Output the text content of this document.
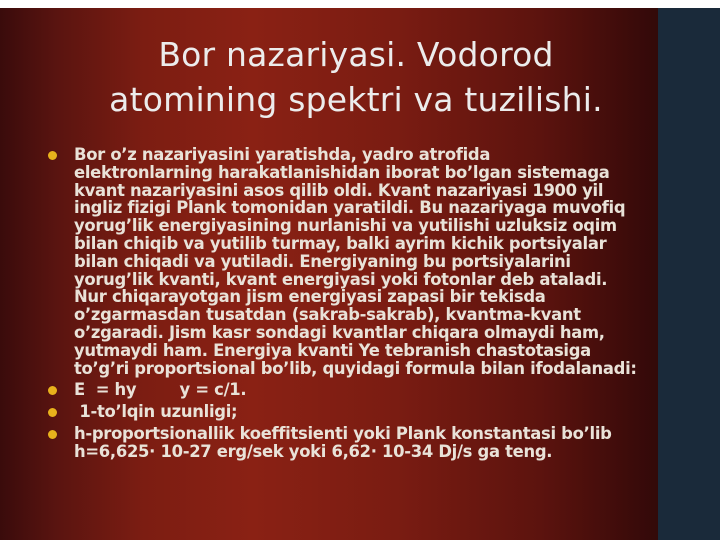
Bor nazariyasi. Vodorod
atomining spektri va tuzilishi.
Bor o’z nazariyasini yaratishda, yadro atrofida
elektronlarning harakatlanishidan iborat bo’lgan sistemaga
kvant nazariyasini asos qilib oldi. Kvant nazariyasi 1900 yil
ingliz fizigi Plank tomonidan yaratildi. Bu nazariyaga muvofiq
yorug’lik energiyasining nurlanishi va yutilishi uzluksiz oqim
bilan chiqib va yutilib turmay, balki ayrim kichik portsiyalar
bilan chiqadi va yutiladi. Energiyaning bu portsiyalarini
yorug’lik kvanti, kvant energiyasi yoki fotonlar deb ataladi.
Nur chiqarayotgan jism energiyasi zapasi bir tekisda
o’zgarmasdan tusatdan (sakrab-sakrab), kvantma-kvant
o’zgaradi. Jism kasr sondagi kvantlar chiqara olmaydi ham,
yutmaydi ham. Energiya kvanti Ye tebranish chastotasiga
to’g’ri proportsional bo’lib, quyidagi formula bilan ifodalanadi:
E  = hy        y = c/1.
1-to’lqin uzunligi;
h-proportsionallik koeffitsienti yoki Plank konstantasi bo’lib
h=6,625· 10-27 erg/sek yoki 6,62· 10-34 Dj/s ga teng.
